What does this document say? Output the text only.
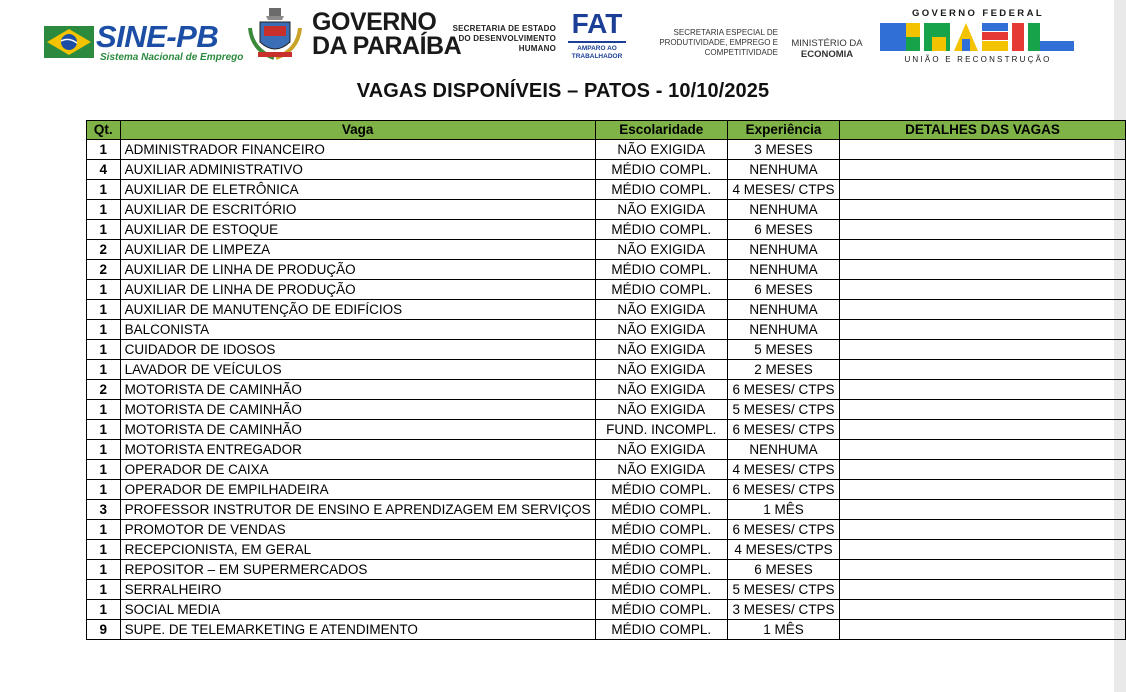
SINE-PB
Sistema Nacional de Emprego
GOVERNO
DA PARAÍBA
SECRETARIA DE ESTADO
DO DESENVOLVIMENTO
HUMANO
FAT
AMPARO AO
TRABALHADOR
SECRETARIA ESPECIAL DE
PRODUTIVIDADE, EMPREGO E
COMPETITIVIDADE
MINISTÉRIO DA
ECONOMIA
GOVERNO FEDERAL
UNIÃO E RECONSTRUÇÃO
VAGAS DISPONÍVEIS – PATOS - 10/10/2025
Qt.	Vaga	Escolaridade	Experiência	DETALHES DAS VAGAS
1	ADMINISTRADOR FINANCEIRO	NÃO EXIGIDA	3 MESES	
4	AUXILIAR ADMINISTRATIVO	MÉDIO COMPL.	NENHUMA	
1	AUXILIAR DE ELETRÔNICA	MÉDIO COMPL.	4 MESES/ CTPS	
1	AUXILIAR DE ESCRITÓRIO	NÃO EXIGIDA	NENHUMA	
1	AUXILIAR DE ESTOQUE	MÉDIO COMPL.	6 MESES	
2	AUXILIAR DE LIMPEZA	NÃO EXIGIDA	NENHUMA	
2	AUXILIAR DE LINHA DE PRODUÇÃO	MÉDIO COMPL.	NENHUMA	
1	AUXILIAR DE LINHA DE PRODUÇÃO	MÉDIO COMPL.	6 MESES	
1	AUXILIAR DE MANUTENÇÃO DE EDIFÍCIOS	NÃO EXIGIDA	NENHUMA	
1	BALCONISTA	NÃO EXIGIDA	NENHUMA	
1	CUIDADOR DE IDOSOS	NÃO EXIGIDA	5 MESES	
1	LAVADOR DE VEÍCULOS	NÃO EXIGIDA	2 MESES	
2	MOTORISTA DE CAMINHÃO	NÃO EXIGIDA	6 MESES/ CTPS	
1	MOTORISTA DE CAMINHÃO	NÃO EXIGIDA	5 MESES/ CTPS	
1	MOTORISTA DE CAMINHÃO	FUND. INCOMPL.	6 MESES/ CTPS	
1	MOTORISTA ENTREGADOR	NÃO EXIGIDA	NENHUMA	
1	OPERADOR DE CAIXA	NÃO EXIGIDA	4 MESES/ CTPS	
1	OPERADOR DE EMPILHADEIRA	MÉDIO COMPL.	6 MESES/ CTPS	
3	PROFESSOR INSTRUTOR DE ENSINO E APRENDIZAGEM EM SERVIÇOS	MÉDIO COMPL.	1 MÊS	
1	PROMOTOR DE VENDAS	MÉDIO COMPL.	6 MESES/ CTPS	
1	RECEPCIONISTA, EM GERAL	MÉDIO COMPL.	4 MESES/CTPS	
1	REPOSITOR – EM SUPERMERCADOS	MÉDIO COMPL.	6 MESES	
1	SERRALHEIRO	MÉDIO COMPL.	5 MESES/ CTPS	
1	SOCIAL MEDIA	MÉDIO COMPL.	3 MESES/ CTPS	
9	SUPE. DE TELEMARKETING E ATENDIMENTO	MÉDIO COMPL.	1 MÊS	
